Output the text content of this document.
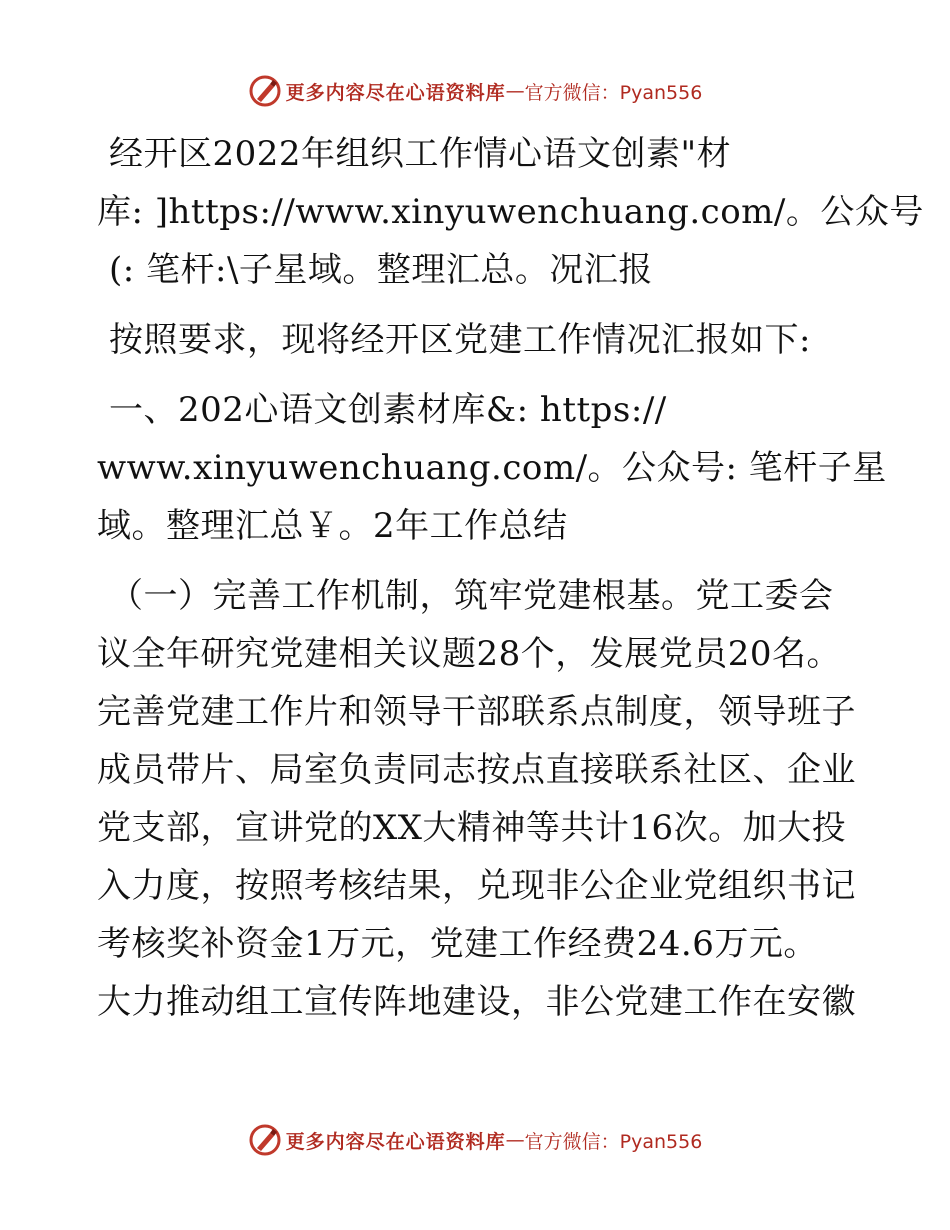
更多内容尽在心语资料库 — 官方微信：Pyan556

经开区2022年组织工作情心语文创素"材
库: ]https://www.xinyuwenchuang.com/。公众号
(: 笔杆:\子星域。整理汇总。况汇报

按照要求，现将经开区党建工作情况汇报如下:

一、202心语文创素材库&: https://
www.xinyuwenchuang.com/。公众号: 笔杆子星
域。整理汇总￥。2年工作总结

（一）完善工作机制，筑牢党建根基。党工委会
议全年研究党建相关议题28个，发展党员20名。
完善党建工作片和领导干部联系点制度，领导班子
成员带片、局室负责同志按点直接联系社区、企业
党支部，宣讲党的XX大精神等共计16次。加大投
入力度，按照考核结果，兑现非公企业党组织书记
考核奖补资金1万元，党建工作经费24.6万元。
大力推动组工宣传阵地建设，非公党建工作在安徽

更多内容尽在心语资料库 — 官方微信：Pyan556
